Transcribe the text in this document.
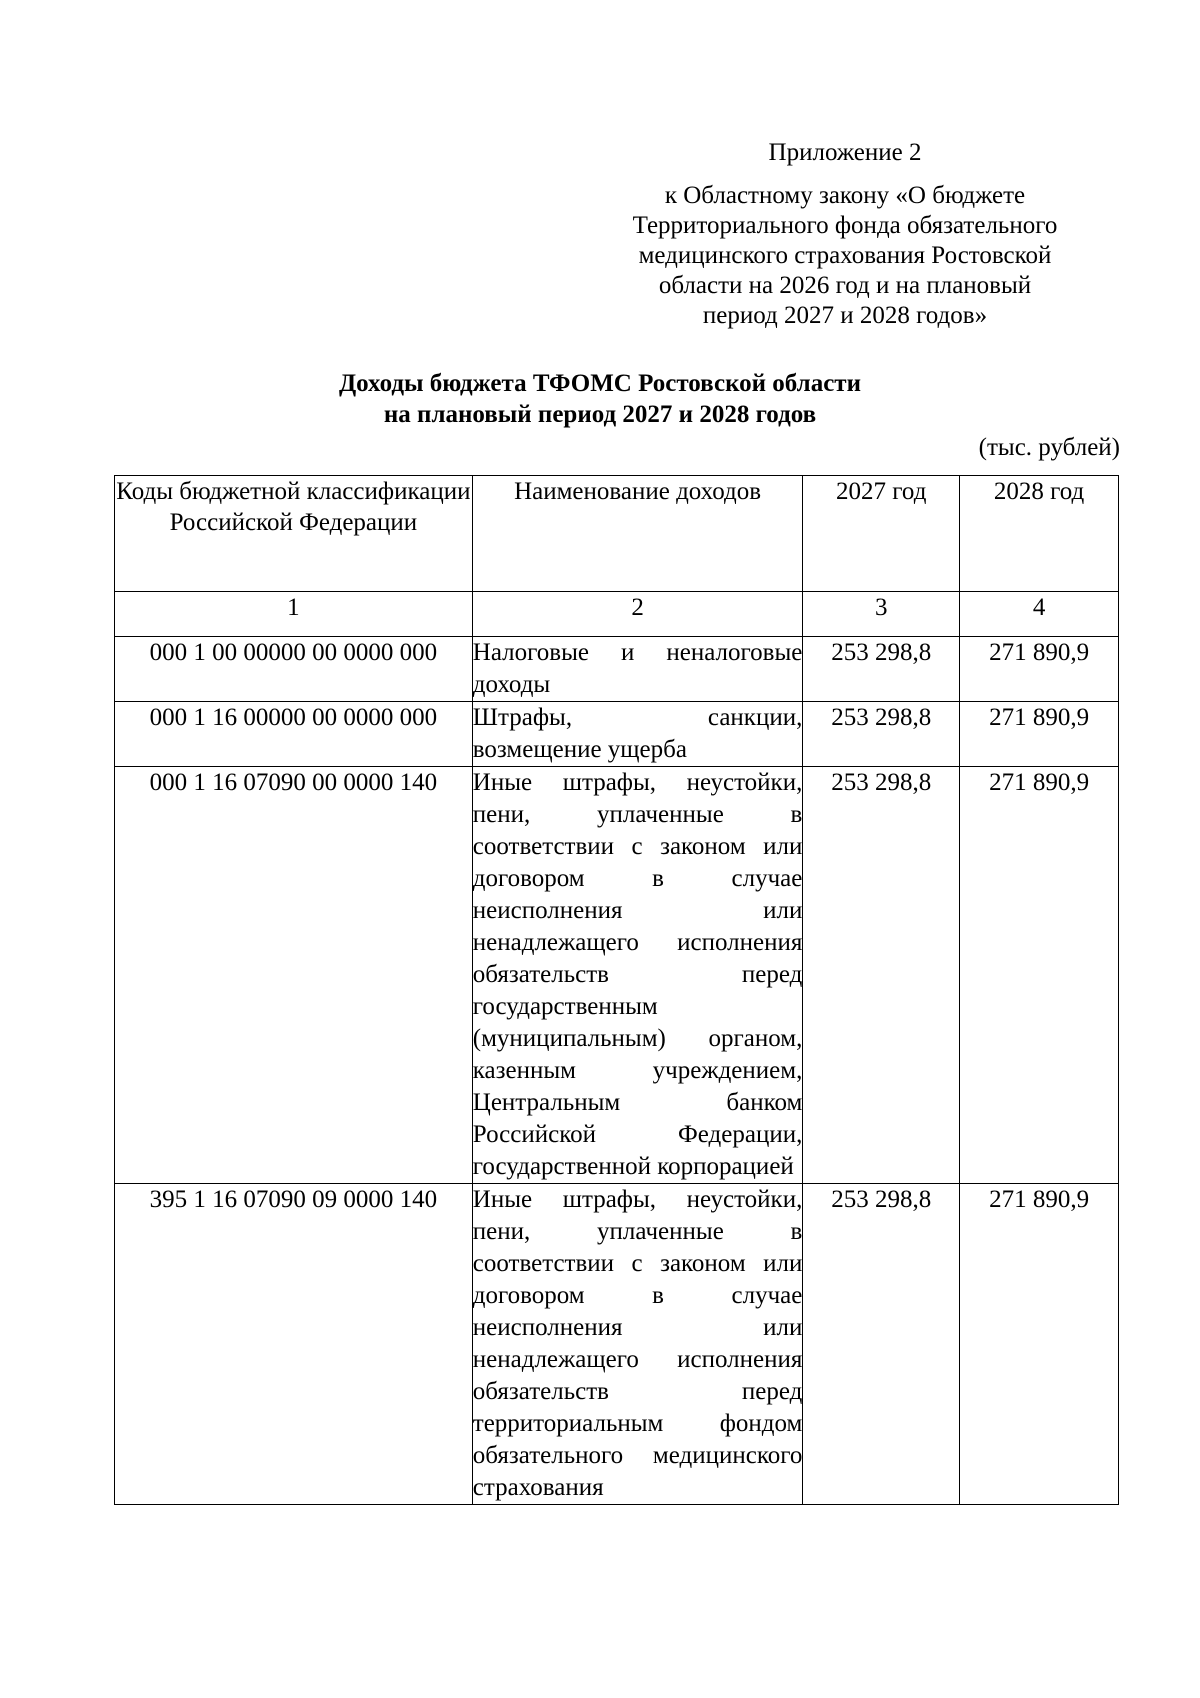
Приложение 2
к Областному закону «О бюджете
Территориального фонда обязательного
медицинского страхования Ростовской
области на 2026 год и на плановый
период 2027 и 2028 годов»
Доходы бюджета ТФОМС Ростовской области
на плановый период 2027 и 2028 годов
(тыс. рублей)
Коды бюджетной классификации Российской Федерации	Наименование доходов	2027 год	2028 год
1	2	3	4
000 1 00 00000 00 0000 000	Налоговые и неналоговые доходы	253 298,8	271 890,9
000 1 16 00000 00 0000 000	Штрафы, санкции, возмещение ущерба	253 298,8	271 890,9
000 1 16 07090 00 0000 140	Иные штрафы, неустойки, пени, уплаченные в соответствии с законом или договором в случае неисполнения или ненадлежащего исполнения обязательств перед государственным (муниципальным) органом, казенным учреждением, Центральным банком Российской Федерации, государственной корпорацией	253 298,8	271 890,9
395 1 16 07090 09 0000 140	Иные штрафы, неустойки, пени, уплаченные в соответствии с законом или договором в случае неисполнения или ненадлежащего исполнения обязательств перед территориальным фондом обязательного медицинского страхования	253 298,8	271 890,9
